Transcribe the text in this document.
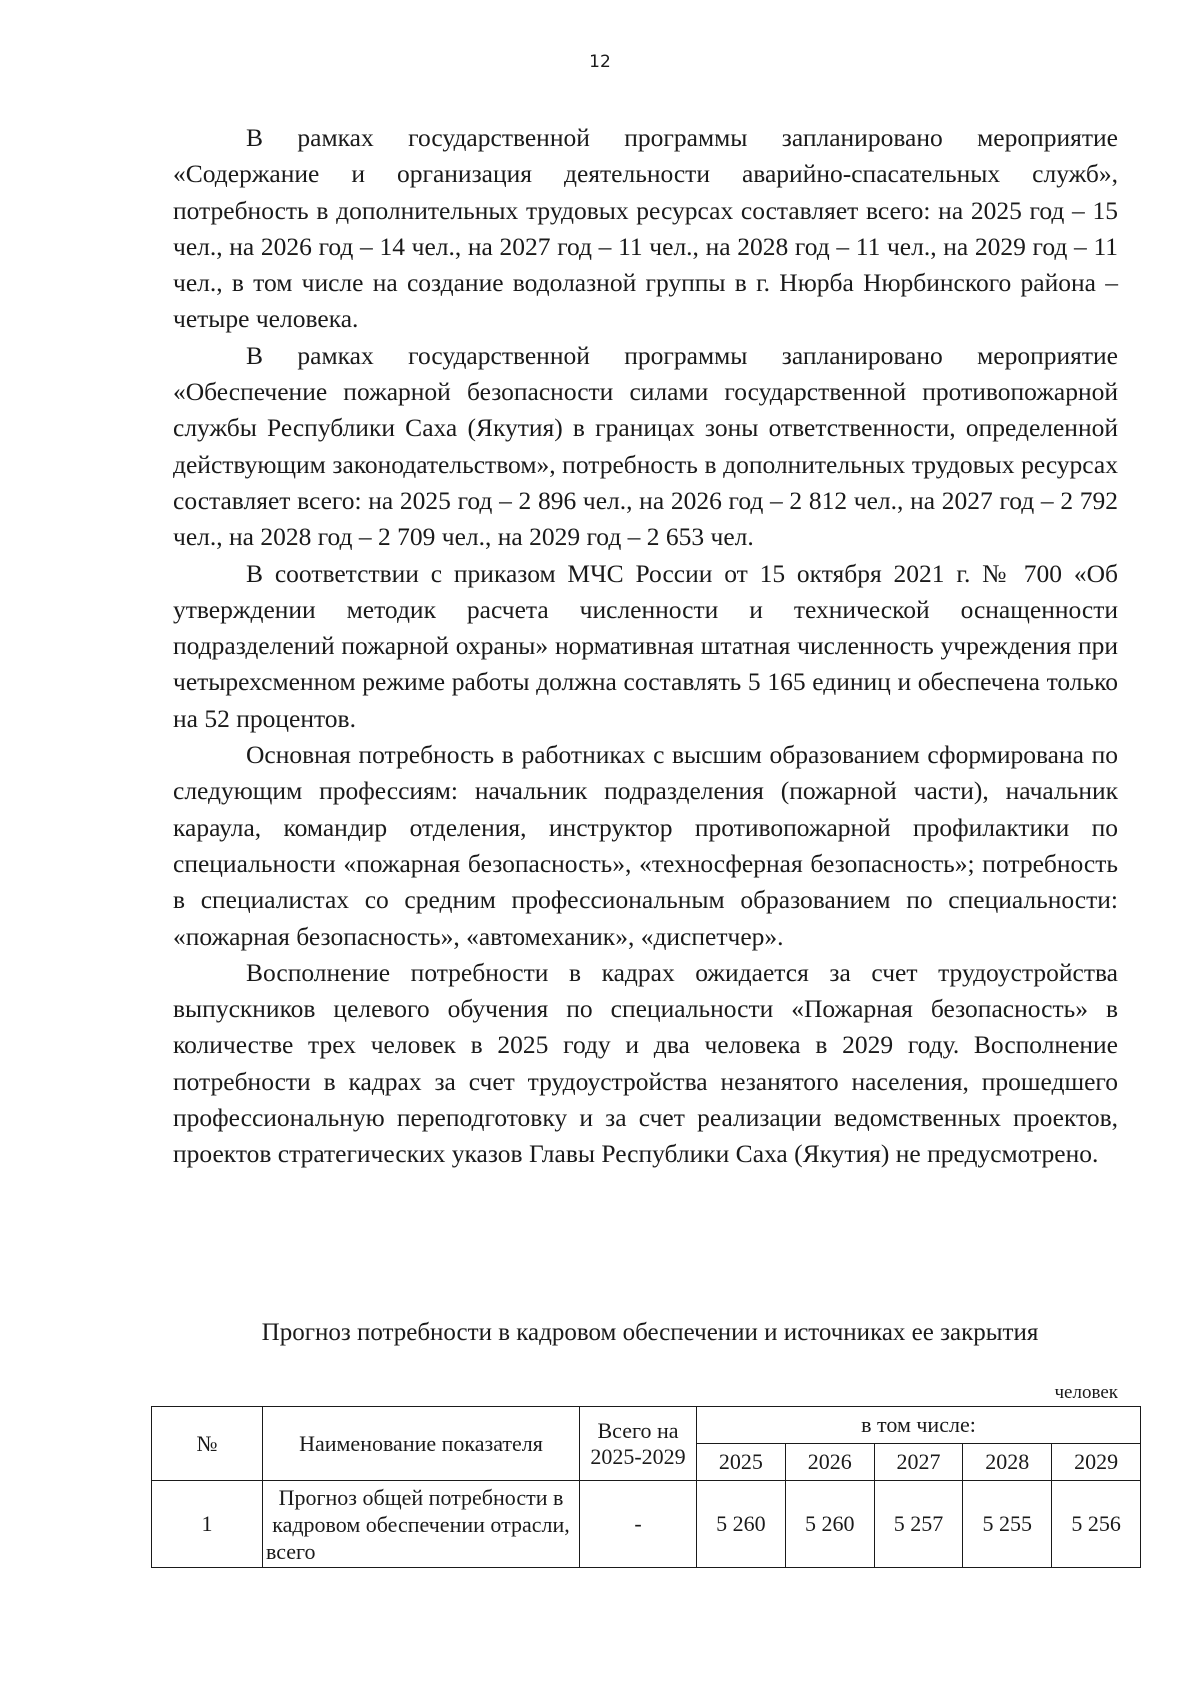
12

В рамках государственной программы запланировано мероприятие «Содержание и организация деятельности аварийно-спасательных служб», потребность в дополнительных трудовых ресурсах составляет всего: на 2025 год – 15 чел., на 2026 год – 14 чел., на 2027 год – 11 чел., на 2028 год – 11 чел., на 2029 год – 11 чел., в том числе на создание водолазной группы в г. Нюрба Нюрбинского района – четыре человека.

В рамках государственной программы запланировано мероприятие «Обеспечение пожарной безопасности силами государственной противопожарной службы Республики Саха (Якутия) в границах зоны ответственности, определенной действующим законодательством», потребность в дополнительных трудовых ресурсах составляет всего: на 2025 год – 2 896 чел., на 2026 год – 2 812 чел., на 2027 год – 2 792 чел., на 2028 год – 2 709 чел., на 2029 год – 2 653 чел.

В соответствии с приказом МЧС России от 15 октября 2021 г. № 700 «Об утверждении методик расчета численности и технической оснащенности подразделений пожарной охраны» нормативная штатная численность учреждения при четырехсменном режиме работы должна составлять 5 165 единиц и обеспечена только на 52 процентов.

Основная потребность в работниках с высшим образованием сформирована по следующим профессиям: начальник подразделения (пожарной части), начальник караула, командир отделения, инструктор противопожарной профилактики по специальности «пожарная безопасность», «техносферная безопасность»; потребность в специалистах со средним профессиональным образованием по специальности: «пожарная безопасность», «автомеханик», «диспетчер».

Восполнение потребности в кадрах ожидается за счет трудоустройства выпускников целевого обучения по специальности «Пожарная безопасность» в количестве трех человек в 2025 году и два человека в 2029 году. Восполнение потребности в кадрах за счет трудоустройства незанятого населения, прошедшего профессиональную переподготовку и за счет реализации ведомственных проектов, проектов стратегических указов Главы Республики Саха (Якутия) не предусмотрено.

Прогноз потребности в кадровом обеспечении и источниках ее закрытия

человек

№	Наименование показателя	Всего на 2025-2029	в том числе:				
			2025	2026	2027	2028	2029
1	Прогноз общей потребности в кадровом обеспечении отрасли, всего	-	5 260	5 260	5 257	5 255	5 256
